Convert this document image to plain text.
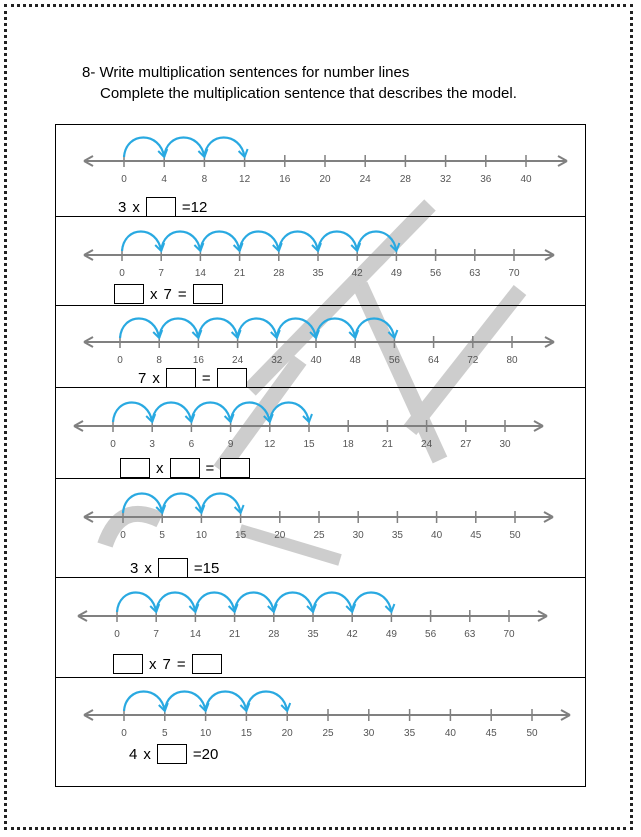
8- Write multiplication sentences for number lines
Complete the multiplication sentence that describes the model.
0	4	8	12	16	20	24	28	32	36	40
3 x	=12
0	7	14	21	28	35	42	49	56	63	70
x 7 =
0	8	16	24	32	40	48	56	64	72	80
7 x	=
0	3	6	9	12	15	18	21	24	27	30
x	=
0	5	10	15	20	25	30	35	40	45	50
3 x	=15
0	7	14	21	28	35	42	49	56	63	70
x 7 =
0	5	10	15	20	25	30	35	40	45	50
4 x	=20
